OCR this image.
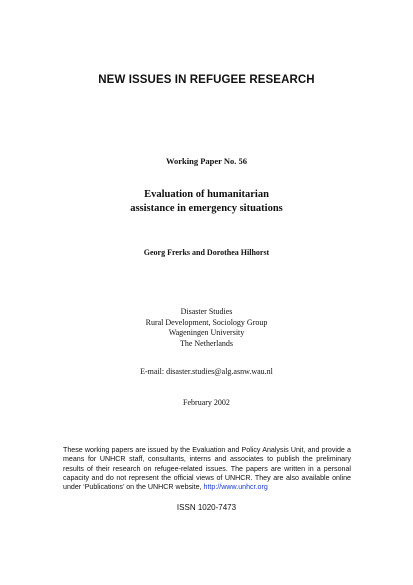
NEW ISSUES IN REFUGEE RESEARCH
Working Paper No. 56
Evaluation of humanitarian
assistance in emergency situations
Georg Frerks and Dorothea Hilhorst
Disaster Studies
Rural Development, Sociology Group
Wageningen University
The Netherlands
E-mail: disaster.studies@alg.asnw.wau.nl
February 2002
These working papers are issued by the Evaluation and Policy Analysis Unit, and provide a means for UNHCR staff, consultants, interns and associates to publish the preliminary results of their research on refugee-related issues. The papers are written in a personal capacity and do not represent the official views of UNHCR. They are also available online under ‘Publications’ on the UNHCR website, http://www.unhcr.org
ISSN 1020-7473
